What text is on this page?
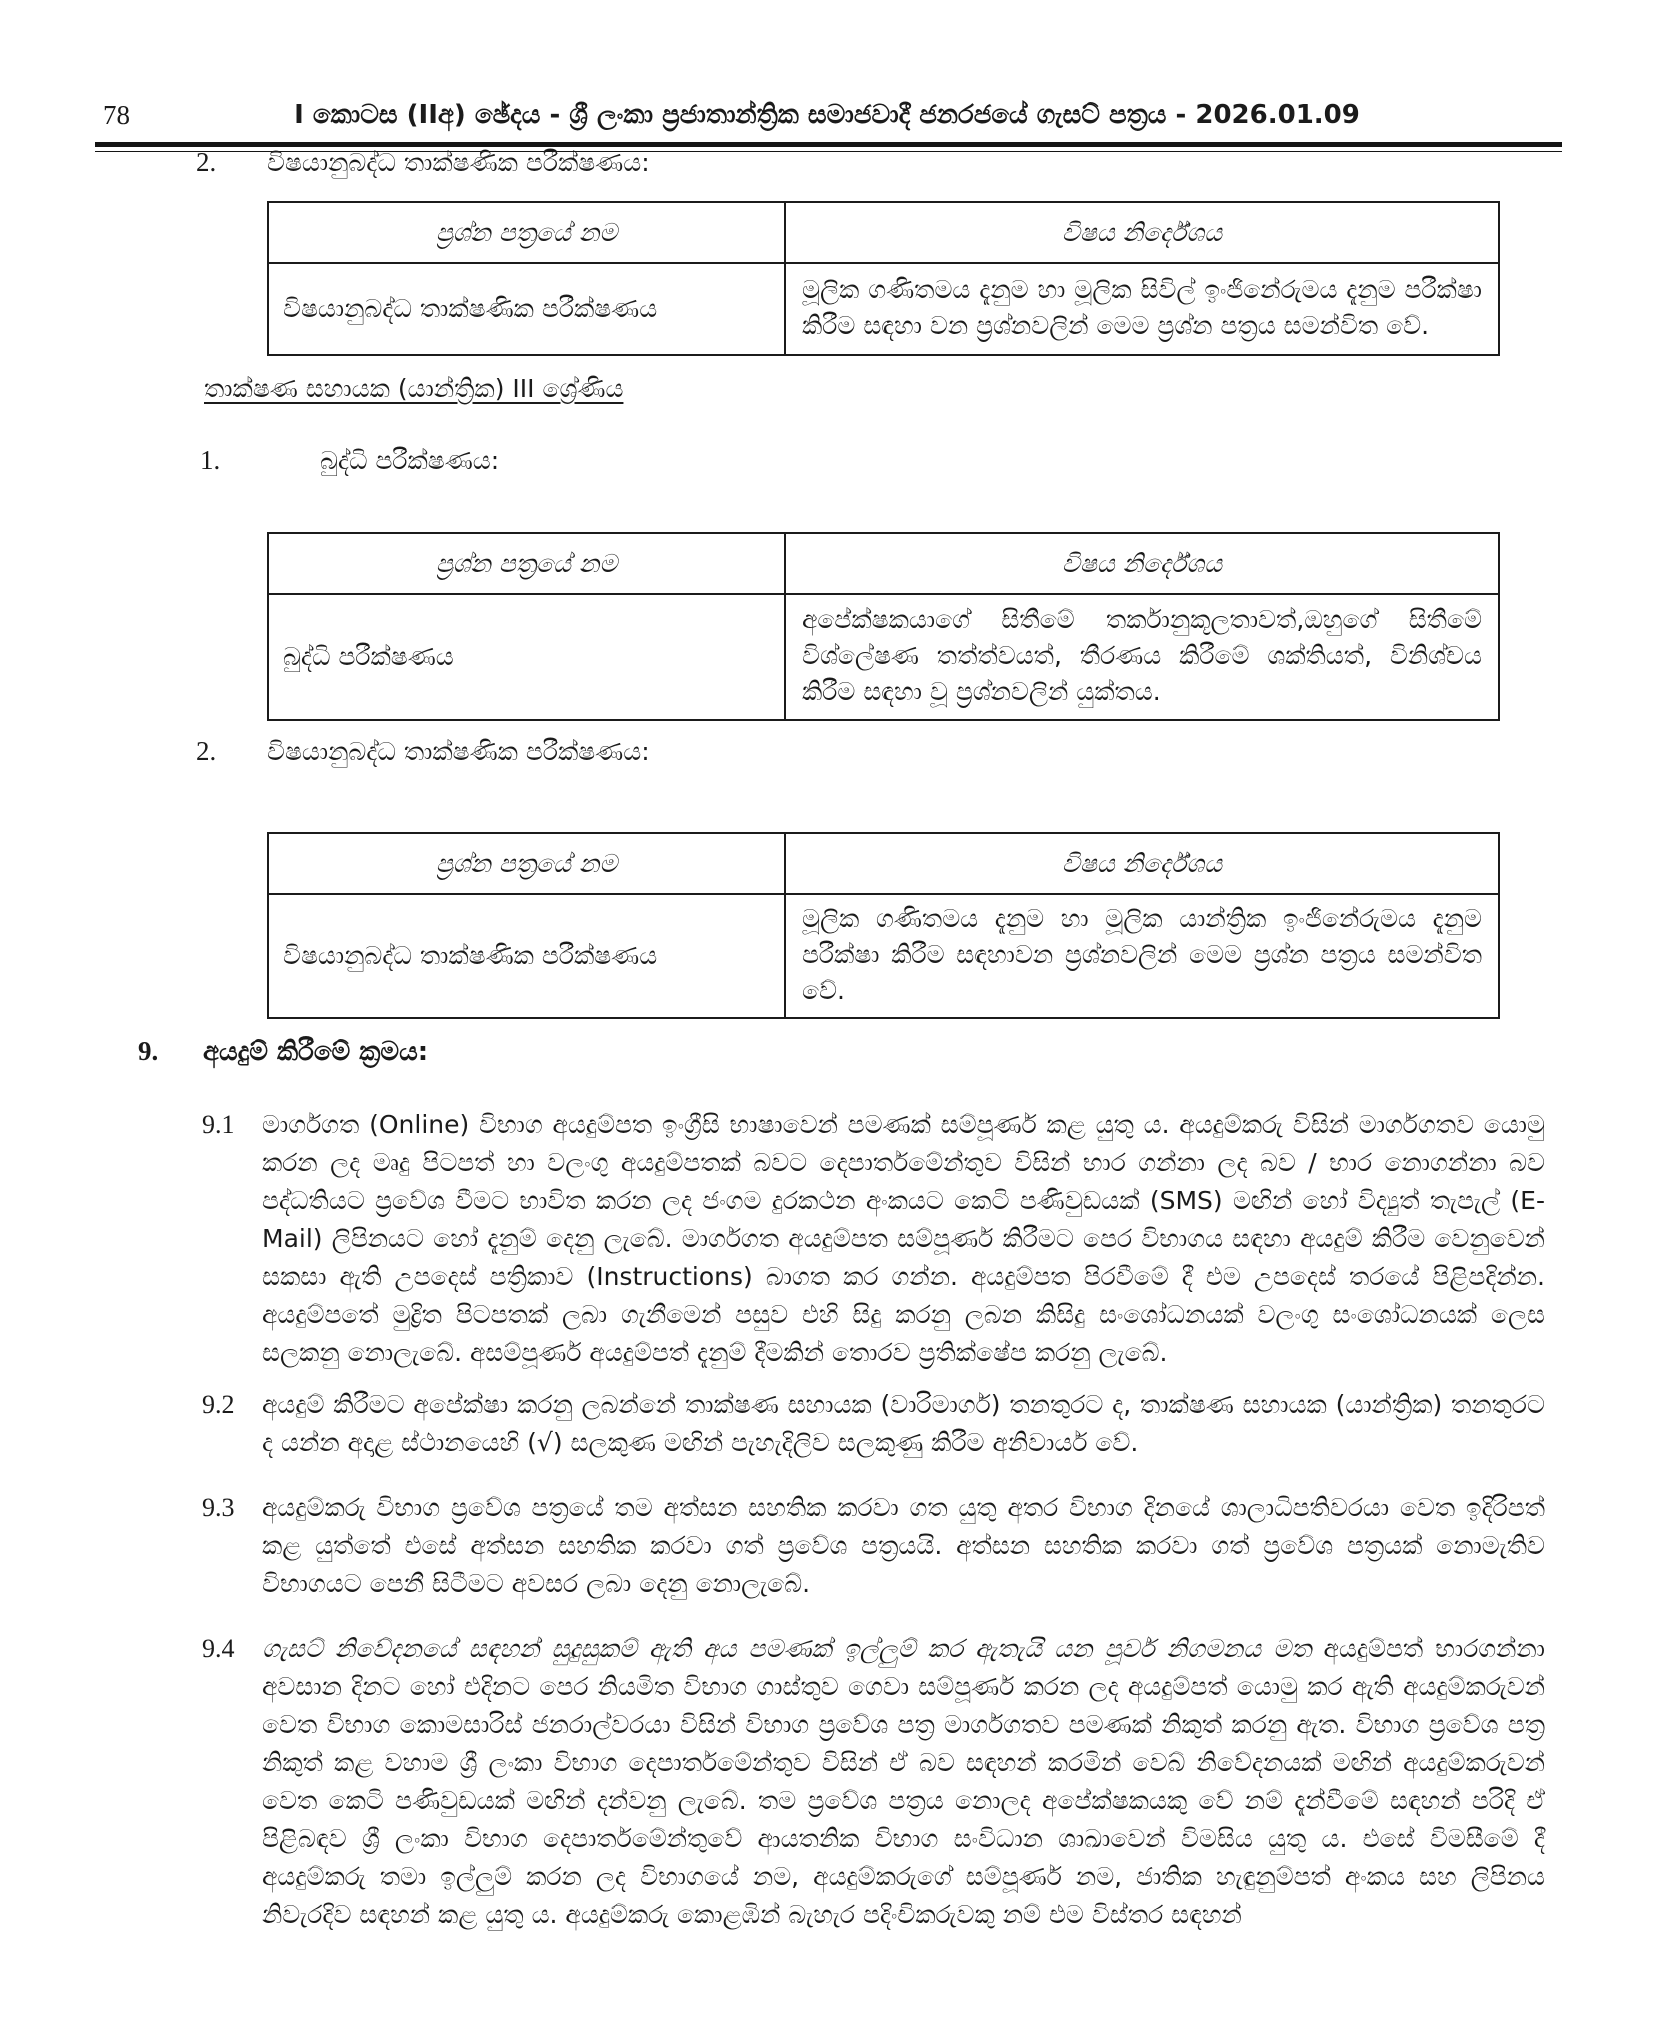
78	I කොටස (IIඅ) ඡේදය - ශ්‍රී ලංකා ප්‍රජාතාන්ත්‍රික සමාජවාදී ජනරජයේ ගැසට් පත්‍රය - 2026.01.09
2.	විෂයානුබද්ධ තාක්ෂණික පරීක්ෂණය:
ප්‍රශ්න පත්‍රයේ නම	විෂය නිර්දේශය
විෂයානුබද්ධ තාක්ෂණික පරීක්ෂණය	මූලික ගණිතමය දැනුම හා මූලික සිවිල් ඉංජිනේරුමය දැනුම පරීක්ෂා කිරීම සඳහා වන ප්‍රශ්නවලින් මෙම ප්‍රශ්න පත්‍රය සමන්විත වේ.
තාක්ෂණ සහායක (යාන්ත්‍රික) III ශ්‍රේණිය
1.	බුද්ධි පරීක්ෂණය:
ප්‍රශ්න පත්‍රයේ නම	විෂය නිර්දේශය
බුද්ධි පරීක්ෂණය	අපේක්ෂකයාගේ සිතීමේ තර්කානුකූලතාවත්,ඔහුගේ සිතීමේ විශ්ලේෂණ තත්ත්වයත්, තීරණය කිරීමේ ශක්තියත්, විනිශ්චය කිරීම සඳහා වූ ප්‍රශ්නවලින් යුක්තය.
2.	විෂයානුබද්ධ තාක්ෂණික පරීක්ෂණය:
ප්‍රශ්න පත්‍රයේ නම	විෂය නිර්දේශය
විෂයානුබද්ධ තාක්ෂණික පරීක්ෂණය	මූලික ගණිතමය දැනුම හා මූලික යාන්ත්‍රික ඉංජිනේරුමය දැනුම පරීක්ෂා කිරීම සඳහාවන ප්‍රශ්නවලින් මෙම ප්‍රශ්න පත්‍රය සමන්විත වේ.
9.	අයදුම් කිරීමේ ක්‍රමය:
9.1	මාර්ගගත (Online) විභාග අයදුම්පත ඉංග්‍රීසි භාෂාවෙන් පමණක් සම්පූර්ණ කළ යුතු ය. අයදුම්කරු විසින් මාර්ගගතව යොමු කරන ලද මෘදු පිටපත් හා වලංගු අයදුම්පතක් බවට දෙපාර්තමේන්තුව විසින් භාර ගන්නා ලද බව / භාර නොගන්නා බව පද්ධතියට ප්‍රවේශ වීමට භාවිත කරන ලද ජංගම දුරකථන අංකයට කෙටි පණිවුඩයක් (SMS) මඟින් හෝ විද්‍යුත් තැපැල් (E-Mail) ලිපිනයට හෝ දැනුම් දෙනු ලැබේ. මාර්ගගත අයදුම්පත සම්පූර්ණ කිරීමට පෙර විභාගය සඳහා අයදුම් කිරීම වෙනුවෙන් සකසා ඇති උපදෙස් පත්‍රිකාව (Instructions) බාගත කර ගන්න. අයදුම්පත පිරවීමේ දී එම උපදෙස් තරයේ පිළිපදින්න. අයදුම්පතේ මුද්‍රිත පිටපතක් ලබා ගැනීමෙන් පසුව එහි සිදු කරනු ලබන කිසිදු සංශෝධනයක් වලංගු සංශෝධනයක් ලෙස සලකනු නොලැබේ. අසම්පූර්ණ අයදුම්පත් දැනුම් දීමකින් තොරව ප්‍රතික්ෂේප කරනු ලැබේ.
9.2	අයදුම් කිරීමට අපේක්ෂා කරනු ලබන්නේ තාක්ෂණ සහායක (වාරිමාර්ග) තනතුරට ද, තාක්ෂණ සහායක (යාන්ත්‍රික) තනතුරට ද යන්න අදාළ ස්ථානයෙහි (√) සලකුණ මඟින් පැහැදිලිව සලකුණු කිරීම අනිවාර්ය වේ.
9.3	අයදුම්කරු විභාග ප්‍රවේශ පත්‍රයේ තම අත්සන සහතික කරවා ගත යුතු අතර විභාග දිනයේ ශාලාධිපතිවරයා වෙත ඉදිරිපත් කළ යුත්තේ එසේ අත්සන සහතික කරවා ගත් ප්‍රවේශ පත්‍රයයි. අත්සන සහතික කරවා ගත් ප්‍රවේශ පත්‍රයක් නොමැතිව විභාගයට පෙනී සිටීමට අවසර ලබා දෙනු නොලැබේ.
9.4	ගැසට් නිවේදනයේ සඳහන් සුදුසුකම් ඇති අය පමණක් ඉල්ලුම් කර ඇතැයි යන පූර්ව නිගමනය මත අයදුම්පත් භාරගන්නා අවසාන දිනට හෝ එදිනට පෙර නියමිත විභාග ගාස්තුව ගෙවා සම්පූර්ණ කරන ලද අයදුම්පත් යොමු කර ඇති අයදුම්කරුවන් වෙත විභාග කොමසාරිස් ජනරාල්වරයා විසින් විභාග ප්‍රවේශ පත්‍ර මාර්ගගතව පමණක් නිකුත් කරනු ඇත. විභාග ප්‍රවේශ පත්‍ර නිකුත් කළ වහාම ශ්‍රී ලංකා විභාග දෙපාර්තමේන්තුව විසින් ඒ බව සඳහන් කරමින් වෙබ් නිවේදනයක් මඟින් අයදුම්කරුවන් වෙත කෙටි පණිවුඩයක් මඟින් දන්වනු ලැබේ. තම ප්‍රවේශ පත්‍රය නොලද අපේක්ෂකයකු වේ නම් දැන්වීමේ සඳහන් පරිදි ඒ පිළිබඳව ශ්‍රී ලංකා විභාග දෙපාර්තමේන්තුවේ ආයතනික විභාග සංවිධාන ශාඛාවෙන් විමසිය යුතු ය. එසේ විමසීමේ දී අයදුම්කරු තමා ඉල්ලුම් කරන ලද විභාගයේ නම, අයදුම්කරුගේ සම්පූර්ණ නම, ජාතික හැඳුනුම්පත් අංකය සහ ලිපිනය නිවැරදිව සඳහන් කළ යුතු ය. අයදුම්කරු කොළඹින් බැහැර පදිංචිකරුවකු නම් එම විස්තර සඳහන්
